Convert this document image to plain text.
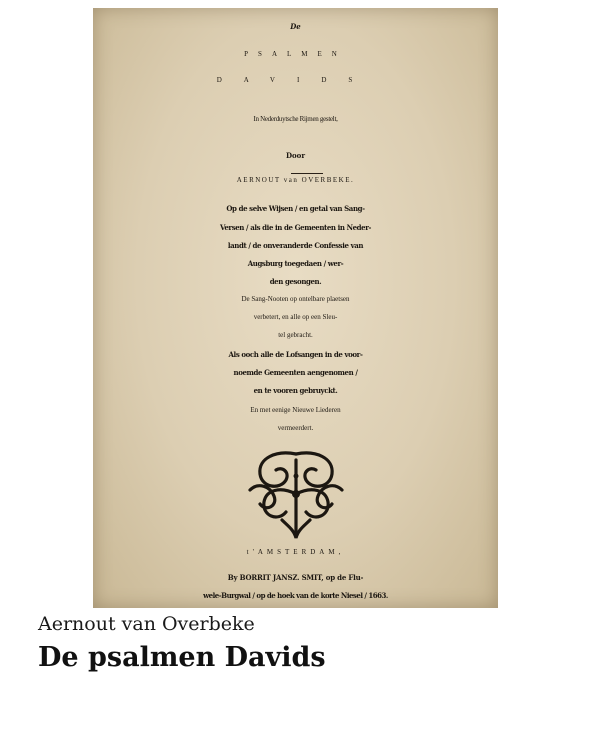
De
PSALMEN
DAVIDS
In Nederduytsche Rijmen gestelt,
Door
AERNOUT van OVERBEKE.
Op de selve Wijsen / en getal van Sang-
Versen / als die in de Gemeenten in Neder-
landt / de onveranderde Confessie van
Augsburg toegedaen / wer-
den gesongen.
De Sang-Nooten op ontelbare plaetsen
verbetert, en alle op een Sleu-
tel gebracht.
Als ooch alle de Lofsangen in de voor-
noemde Gemeenten aengenomen /
en te vooren gebruyckt.
En met eenige Nieuwe Liederen
vermeerdert.
t'AMSTERDAM,
By BORRIT JANSZ. SMIT, op de Flu-
wele-Burgwal / op de hoek van de korte Niesel / 1663.
Aernout van Overbeke
De psalmen Davids
